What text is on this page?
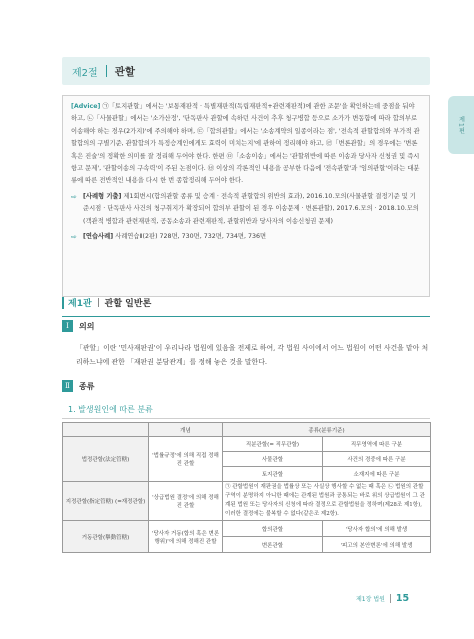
제1편
제2절 관할

[Advice] ㉠「토지관할」에서는 '보통재판적 · 특별재판적(독립재판적+관련재판적)에 관한 조문'을 확인하는데 중점을 둬야 하고, ㉡「사물관할」에서는 '소가산정', '단독판사 관할에 속하던 사건이 추후 청구병합 등으로 소가가 변동함에 따라 합의부로 이송해야 하는 경우(2가지)'에 주의해야 하며, ㉢「합의관할」에서는 '소송계약의 일종이라는 점', '전속적 관할합의와 부가적 관할합의의 구별기준, 관할합의가 특정승계인에게도 효력이 미치는지'에 관하여 정리해야 하고, ㉣「변론관할」의 경우에는 '변론 혹은 진술'의 정확한 의미를 잘 정리해 두어야 한다. 한편 ㉤「소송이송」에서는 '관할위반에 따른 이송과 당사자 신청권 및 즉시항고 문제', '관할이송의 구속력'이 주된 논점이다. ㉥ 이상의 각론적인 내용을 공부한 다음에 '전속관할'과 '임의관할'이라는 대분류에 따른 전반적인 내용을 다시 한 번 종합정리해 두어야 한다.

⇨ [사례형 기출] 제1회변시(합의관할 종류 및 승계 · 전속적 관할합의 위반의 효과), 2016.10.모의(사물관할 결정기준 및 기준시점 · 단독판사 사건의 청구취지가 확장되어 합의부 관할이 된 경우 이송문제 · 변론관할), 2017.6.모의 · 2018.10.모의(객관적 병합과 관련재판적, 공동소송과 관련재판적, 관할위반과 당사자의 이송신청권 문제)
⇨ [연습사례] 사례연습Ⅱ(2판) 728면, 730면, 732면, 734면, 736면
제1관 관할 일반론
Ⅰ	의의
「관할」이란 '민사재판권'이 우리나라 법원에 있음을 전제로 하여, 각 법원 사이에서 어느 법원이 어떤 사건을 맡아 처리하느냐에 관한 「재판권 분담관계」를 정해 놓은 것을 말한다.
Ⅱ	종류
1. 발생원인에 따른 분류
	개념	종류(분류기준)	
법정관할(法定管轄)	'법률규정'에 의해 직접 정해진 관할	직분관할(= 직무관할)	직무영역에 따른 구분
		사물관할	사건의 경중에 따른 구분
		토지관할	소재지에 따른 구분
지정관할(指定管轄) (=재정관할)	'상급법원 결정'에 의해 정해진 관할	㉠ 관할법원이 재판권을 법률상 또는 사실상 행사할 수 없는 때 혹은 ㉡ 법원의 관할구역이 분명하지 아니한 때에는 관계된 법원과 공통되는 바로 위의 상급법원이 그 관계된 법원 또는 당사자의 신청에 따라 결정으로 관할법원을 정하며(제28조 제1항), 이러한 결정에는 불복할 수 없다(같은조 제2항).	
거동관할(擧動管轄)	'당사자 거동(합의 혹은 변론 행위)'에 의해 정해진 관할	합의관할	'당사자 합의'에 의해 발생
		변론관할	'피고의 본안변론'에 의해 발생
제1장 법원 15
